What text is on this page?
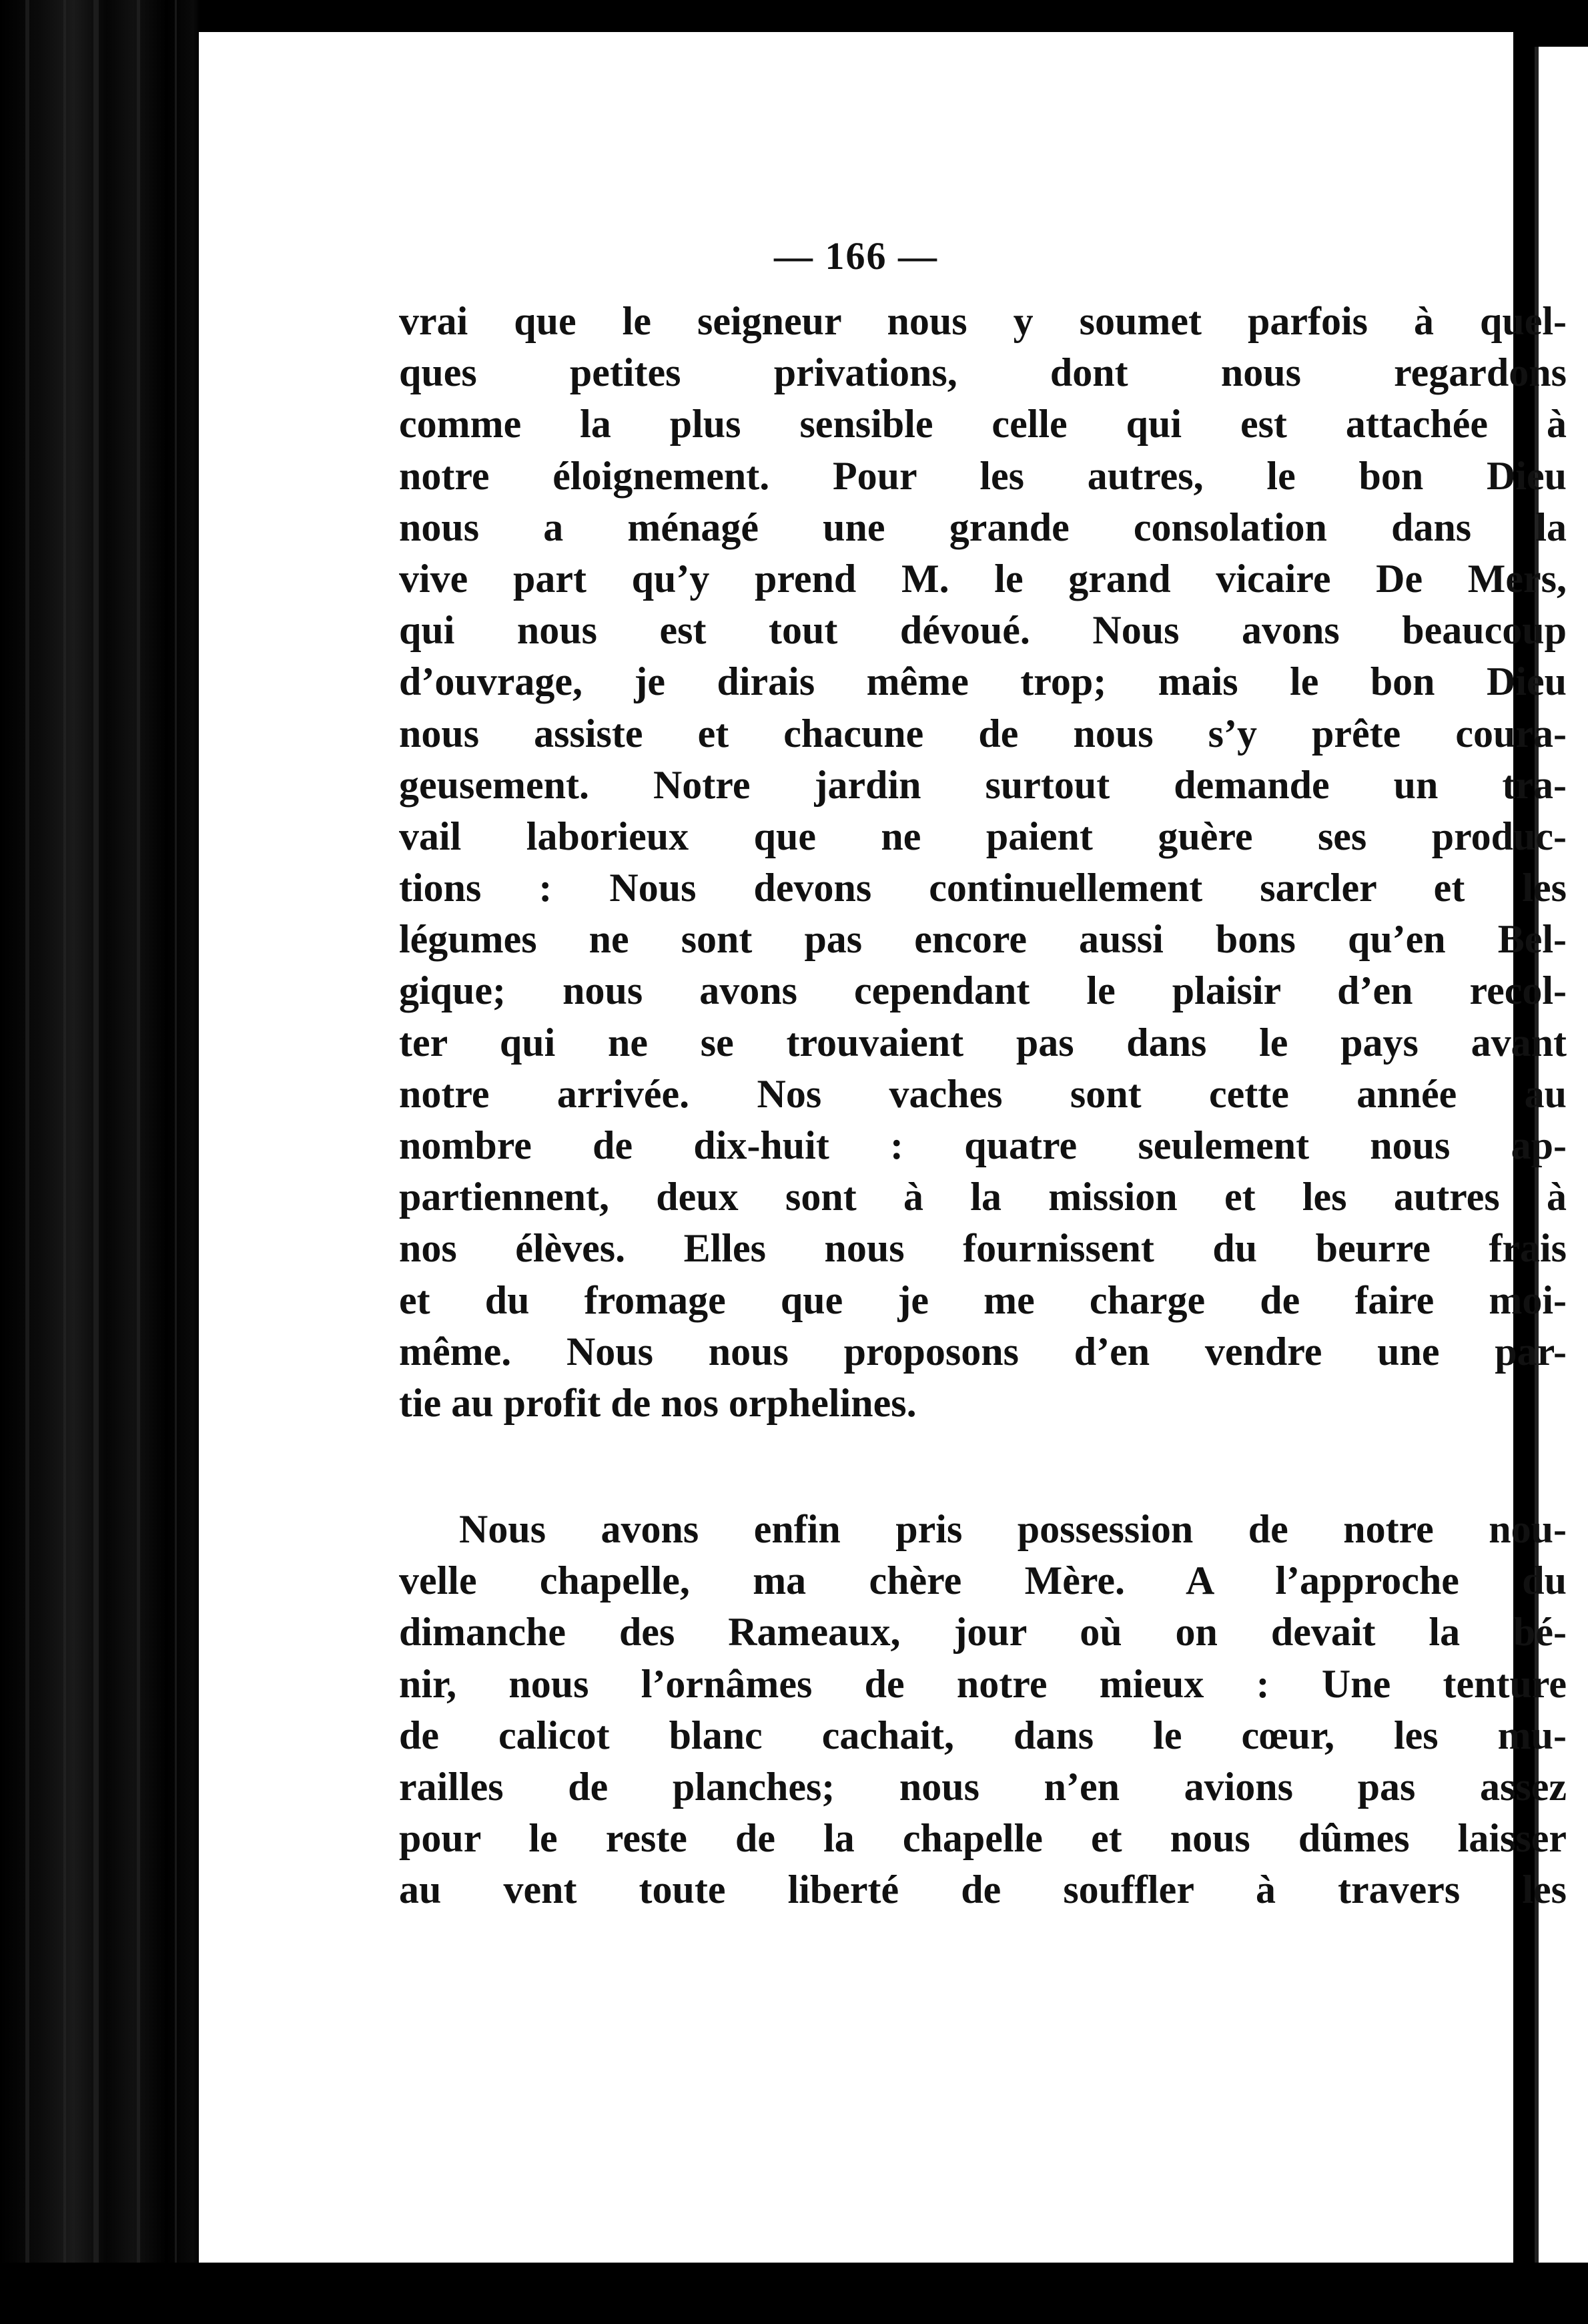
— 166 —
vrai que le seigneur nous y soumet parfois à quel-
ques petites privations, dont nous regardons
comme la plus sensible celle qui est attachée à
notre éloignement. Pour les autres, le bon Dieu
nous a ménagé une grande consolation dans la
vive part qu’y prend M. le grand vicaire De Mers,
qui nous est tout dévoué. Nous avons beaucoup
d’ouvrage, je dirais même trop; mais le bon Dieu
nous assiste et chacune de nous s’y prête coura-
geusement. Notre jardin surtout demande un tra-
vail laborieux que ne paient guère ses produc-
tions : Nous devons continuellement sarcler et les
légumes ne sont pas encore aussi bons qu’en Bel-
gique; nous avons cependant le plaisir d’en recol-
ter qui ne se trouvaient pas dans le pays avant
notre arrivée. Nos vaches sont cette année au
nombre de dix-huit : quatre seulement nous ap-
partiennent, deux sont à la mission et les autres à
nos élèves. Elles nous fournissent du beurre frais
et du fromage que je me charge de faire moi-
même. Nous nous proposons d’en vendre une par-
tie au profit de nos orphelines.
Nous avons enfin pris possession de notre nou-
velle chapelle, ma chère Mère. A l’approche du
dimanche des Rameaux, jour où on devait la bé-
nir, nous l’ornâmes de notre mieux : Une tenture
de calicot blanc cachait, dans le cœur, les mu-
railles de planches; nous n’en avions pas assez
pour le reste de la chapelle et nous dûmes laisser
au vent toute liberté de souffler à travers les
